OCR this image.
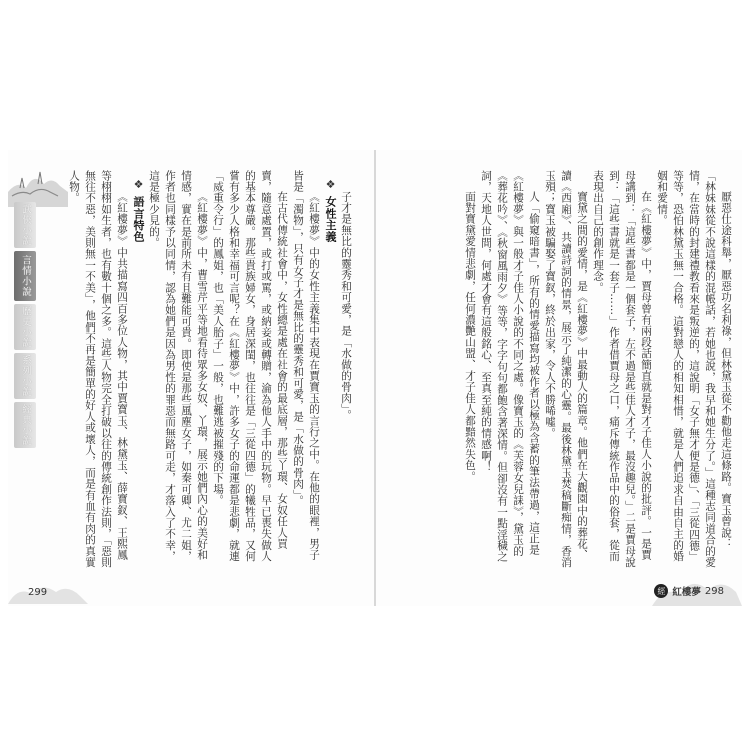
武俠小說
言情小說
歷史小說
系列小說
經典小說

子才是無比的靈秀和可愛，是「水做的骨肉」。

❖ 女性主義

《紅樓夢》中的女性主義集中表現在賈寶玉的言行之中。在他的眼裡，男子皆是「濁物」，只有女子才是無比的靈秀和可愛，是「水做的骨肉」。

在古代傳統社會中，女性總是處在社會的最底層，那些丫環、女奴任人買賣，隨意處置，或打或罵，或納妾或轉贈，淪為他人手中的玩物。早已喪失做人的基本尊嚴。那些貴族婦女，身居深閨，也往往是「三從四德」的犧牲品，又何嘗有多少人格和幸福可言呢？在《紅樓夢》中，許多女子的命運都是悲劇，就連「威重令行」的鳳姐，也「美人胎子」一般，也難逃被摧殘的下場。

《紅樓夢》中，曹雪芹平等地看待眾多女奴、丫環，展示她們內心的美好和情感，實在是前所未有且難能可貴。即使是那些風塵女子，如秦可卿、尤二姐，作者也同樣予以同情，認為她們是因為男性的罪惡而無路可走，才落入了不幸，這是極少見的。

❖ 語言特色

《紅樓夢》中共描寫四百多位人物，其中賈寶玉、林黛玉、薛寶釵、王熙鳳等栩栩如生者，也有數十個之多。這些人物完全打破以往的傳統創作法則，「惡則無往不惡，美則無一不美」，他們不再是簡單的好人或壞人，而是有血有肉的真實人物。

299

厭惡仕途科舉，厭惡功名利祿，但林黛玉從不勸他走這條路。寶玉曾說：「林妹妹從不說這樣的混帳話，若她也說，我早和她生分了。」這種志同道合的愛情，在當時的封建禮教看來是叛逆的，這說明「女子無才便是德」、「三從四德」等等，恐怕林黛玉無一合格。這對戀人的相知相惜，就是人們追求自由自主的婚姻和愛情。

在《紅樓夢》中，賈母曾有兩段話簡直就是對才子佳人小說的批評。一是賈母講到：「這些書都是一個套子，左不過是些佳人才子，最沒趣兒。」二是賈母說到：「這些書就是一套子……」作者借賈母之口，痛斥傳統作品中的俗套，從而表現出自己的創作理念。

寶黛之間的愛情，是《紅樓夢》中最動人的篇章。他們在大觀園中的葬花、讀《西廂》、共讀詩詞的情景，展示了純潔的心靈。最後林黛玉焚稿斷痴情，香消玉殞；寶玉被騙娶了寶釵，終於出家，令人不勝唏噓。

人「偷窺暗書」，所有的情愛描寫均被作者以極為含蓄的筆法帶過，這正是《紅樓夢》與一般才子佳人小說的不同之處。像寶玉的《芙蓉女兒誄》，黛玉的《葬花吟》、《秋窗風雨夕》等等，字字句句都飽含著深情。但卻沒有一點淫穢之詞，天地人世間，何處才會有這般銘心、至真至純的情感啊！

面對寶黛愛情悲劇，任何濃艷山盟、才子佳人都黯然失色。

經 紅樓夢 298
